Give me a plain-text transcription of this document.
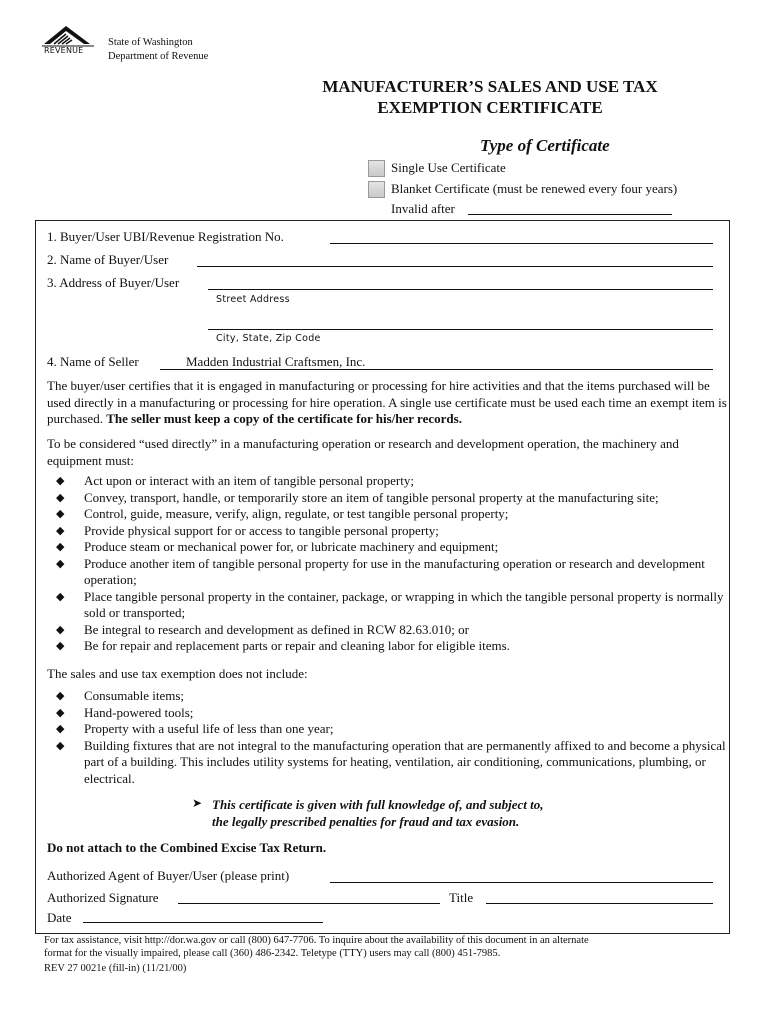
REVENUE
State of Washington
Department of Revenue
MANUFACTURER’S SALES AND USE TAX
EXEMPTION CERTIFICATE
Type of Certificate
Single Use Certificate
Blanket Certificate (must be renewed every four years)
Invalid after
1. Buyer/User UBI/Revenue Registration No.
2. Name of Buyer/User
3. Address of Buyer/User
Street Address
City, State, Zip Code
4. Name of Seller	Madden Industrial Craftsmen, Inc.
The buyer/user certifies that it is engaged in manufacturing or processing for hire activities and that the items purchased will be used directly in a manufacturing or processing for hire operation. A single use certificate must be used each time an exempt item is purchased. The seller must keep a copy of the certificate for his/her records.
To be considered “used directly” in a manufacturing operation or research and development operation, the machinery and equipment must:
◆ Act upon or interact with an item of tangible personal property;
◆ Convey, transport, handle, or temporarily store an item of tangible personal property at the manufacturing site;
◆ Control, guide, measure, verify, align, regulate, or test tangible personal property;
◆ Provide physical support for or access to tangible personal property;
◆ Produce steam or mechanical power for, or lubricate machinery and equipment;
◆ Produce another item of tangible personal property for use in the manufacturing operation or research and development operation;
◆ Place tangible personal property in the container, package, or wrapping in which the tangible personal property is normally sold or transported;
◆ Be integral to research and development as defined in RCW 82.63.010; or
◆ Be for repair and replacement parts or repair and cleaning labor for eligible items.
The sales and use tax exemption does not include:
◆ Consumable items;
◆ Hand-powered tools;
◆ Property with a useful life of less than one year;
◆ Building fixtures that are not integral to the manufacturing operation that are permanently affixed to and become a physical part of a building. This includes utility systems for heating, ventilation, air conditioning, communications, plumbing, or electrical.
➤ This certificate is given with full knowledge of, and subject to,
the legally prescribed penalties for fraud and tax evasion.
Do not attach to the Combined Excise Tax Return.
Authorized Agent of Buyer/User (please print)
Authorized Signature	Title
Date
For tax assistance, visit http://dor.wa.gov or call (800) 647-7706. To inquire about the availability of this document in an alternate
format for the visually impaired, please call (360) 486-2342. Teletype (TTY) users may call (800) 451-7985.
REV 27 0021e (fill-in) (11/21/00)
